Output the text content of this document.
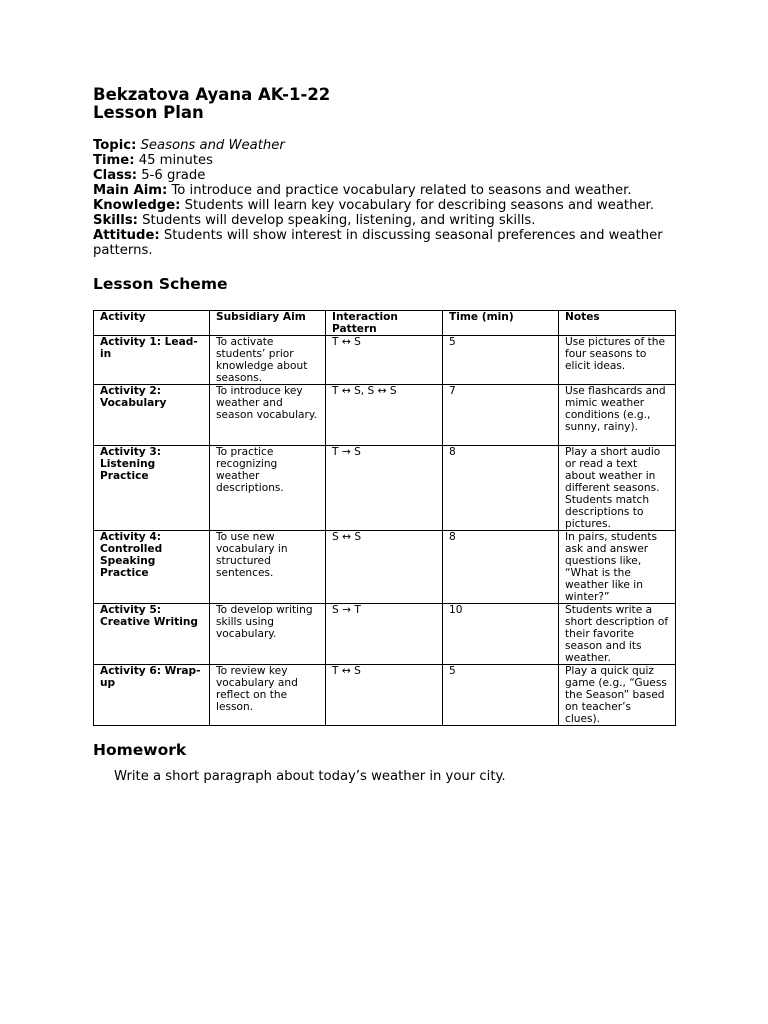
Bekzatova Ayana AK-1-22
Lesson Plan

Topic: Seasons and Weather

Time: 45 minutes

Class: 5-6 grade

Main Aim: To introduce and practice vocabulary related to seasons and weather.

Knowledge: Students will learn key vocabulary for describing seasons and weather.

Skills: Students will develop speaking, listening, and writing skills.

Attitude: Students will show interest in discussing seasonal preferences and weather patterns.

Lesson Scheme
Activity	Subsidiary Aim	Interaction Pattern	Time (min)	Notes
Activity 1: Lead-in	To activate students’ prior knowledge about seasons.	T ↔ S	5	Use pictures of the four seasons to elicit ideas.
Activity 2: Vocabulary	To introduce key weather and season vocabulary.	T ↔ S, S ↔ S	7	Use flashcards and mimic weather conditions (e.g., sunny, rainy).
Activity 3: Listening Practice	To practice recognizing weather descriptions.	T → S	8	Play a short audio or read a text about weather in different seasons. Students match descriptions to pictures.
Activity 4: Controlled Speaking Practice	To use new vocabulary in structured sentences.	S ↔ S	8	In pairs, students ask and answer questions like, “What is the weather like in winter?”
Activity 5: Creative Writing	To develop writing skills using vocabulary.	S → T	10	Students write a short description of their favorite season and its weather.
Activity 6: Wrap-up	To review key vocabulary and reflect on the lesson.	T ↔ S	5	Play a quick quiz game (e.g., “Guess the Season” based on teacher’s clues).
Homework
Write a short paragraph about today’s weather in your city.
